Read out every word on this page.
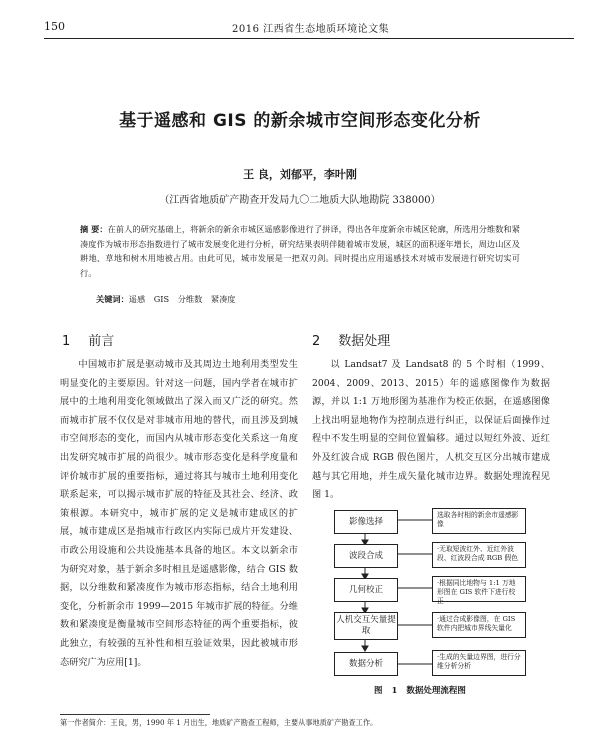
150	2016 江西省生态地质环境论文集
基于遥感和 GIS 的新余城市空间形态变化分析
王 良，刘郁平，李叶刚
（江西省地质矿产勘查开发局九〇二地质大队地勘院 338000）
摘 要：在前人的研究基础上，将新余的新余市城区遥感影像进行了拼译，得出各年度新余市城区轮廓，所选用分维数和紧凑度作为城市形态指数进行了城市发展变化进行分析，研究结果表明伴随着城市发展，城区的面积逐年增长，周边山区及耕地、草地和树木用地被占用。由此可见，城市发展是一把双刃剑。同时提出应用遥感技术对城市发展进行研究切实可行。
关键词：遥感 GIS 分维数 紧凑度
1 前言

中国城市扩展是驱动城市及其周边土地利用类型发生明显变化的主要原因。针对这一问题，国内学者在城市扩展中的土地利用变化领域做出了深入而又广泛的研究。然而城市扩展不仅仅是对非城市用地的替代，而且涉及到城市空间形态的变化，而国内从城市形态变化关系这一角度出发研究城市扩展的尚很少。城市形态变化是科学度量和评价城市扩展的重要指标，通过将其与城市土地利用变化联系起来，可以揭示城市扩展的特征及其社会、经济、政策根源。本研究中，城市扩展的定义是城市建成区的扩展，城市建成区是指城市行政区内实际已成片开发建设、市政公用设施和公共设施基本具备的地区。本文以新余市为研究对象，基于新余多时相且是遥感影像，结合 GIS 数据，以分维数和紧凑度作为城市形态指标，结合土地利用变化，分析新余市 1999—2015 年城市扩展的特征。分维数和紧凑度是衡量城市空间形态特征的两个重要指标，彼此独立，有较强的互补性和相互验证效果，因此被城市形态研究广为应用[1]。

2 数据处理

以 Landsat7 及 Landsat8 的 5 个时相（1999、2004、2009、2013、2015）年的遥感图像作为数据源，并以 1:1 万地形图为基准作为校正依据，在遥感图像上找出明显地物作为控制点进行纠正，以保证后面操作过程中不发生明显的空间位置偏移。通过以短红外波、近红外及红波合成 RGB 假色图片，人机交互区分出城市建成越与其它用地，并生成矢量化城市边界。数据处理流程见图 1。

影像选择
选取各时相的新余市遥感影像
波段合成
·无取短波红外、近红外波段、红波段合成 RGB 假色
几何校正
·根据同比地物与 1:1 万地形图在 GIS 软件下进行校正
人机交互矢量提取
·通过合成影像图，在 GIS 软件内把城市界线矢量化
数据分析
·生成的矢量边界图，进行分维分析分析
图 1 数据处理流程图
第一作者简介：王良，男，1990 年 1 月出生，地质矿产勘查工程师，主要从事地质矿产勘查工作。
